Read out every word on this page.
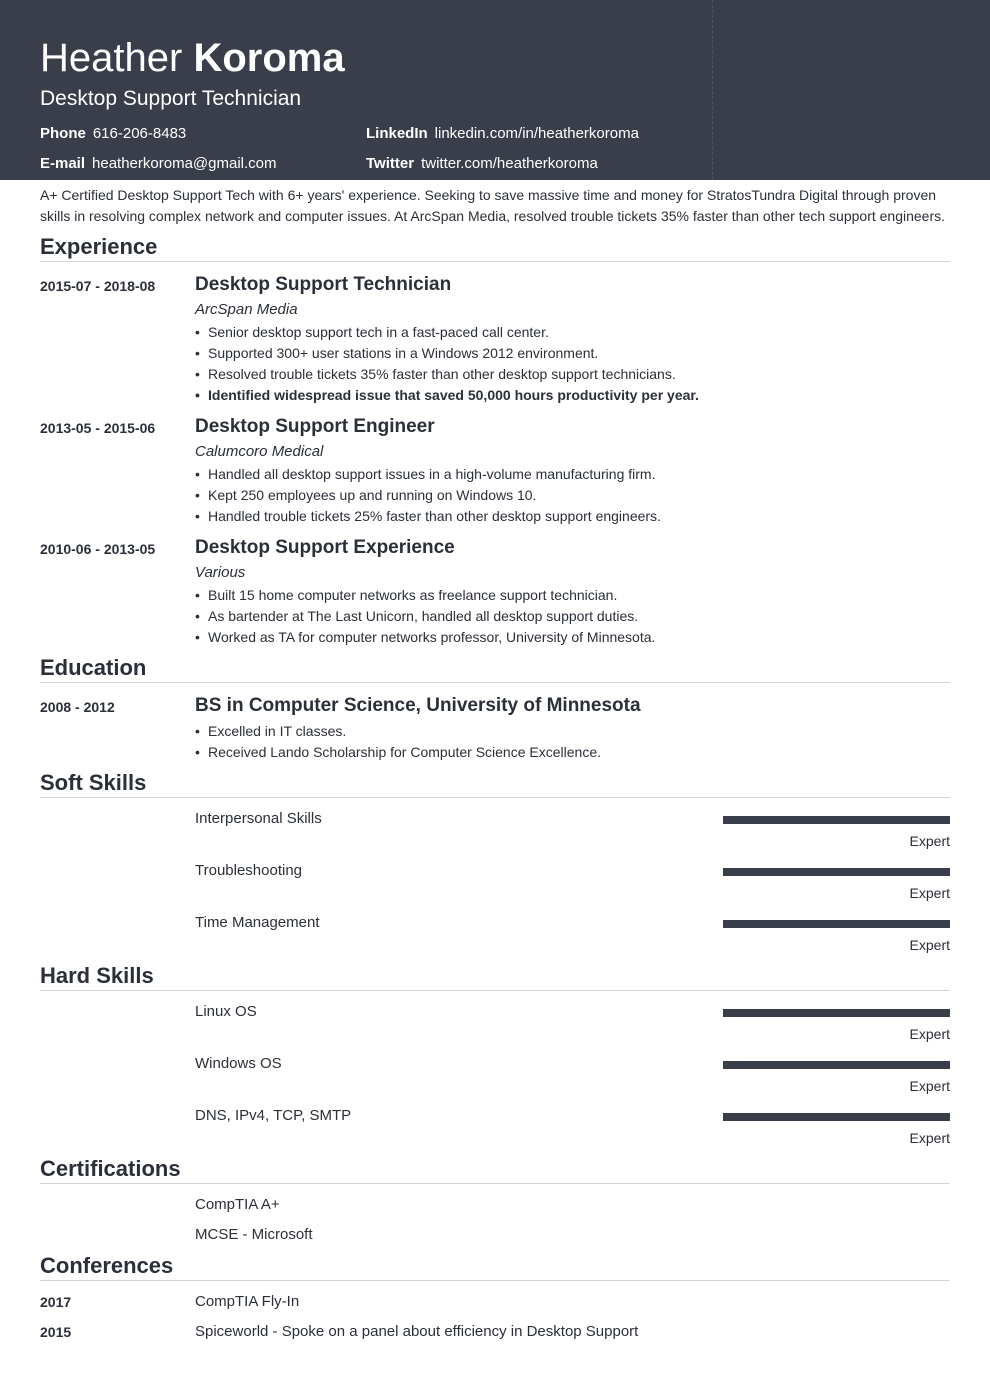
Heather Koroma
Desktop Support Technician
Phone 616-206-8483
E-mail heatherkoroma@gmail.com
LinkedIn linkedin.com/in/heatherkoroma
Twitter twitter.com/heatherkoroma
A+ Certified Desktop Support Tech with 6+ years' experience. Seeking to save massive time and money for StratosTundra Digital through proven skills in resolving complex network and computer issues. At ArcSpan Media, resolved trouble tickets 35% faster than other tech support engineers.
Experience
2015-07 - 2018-08 Desktop Support Technician
ArcSpan Media
• Senior desktop support tech in a fast-paced call center.
• Supported 300+ user stations in a Windows 2012 environment.
• Resolved trouble tickets 35% faster than other desktop support technicians.
• Identified widespread issue that saved 50,000 hours productivity per year.
2013-05 - 2015-06 Desktop Support Engineer
Calumcoro Medical
• Handled all desktop support issues in a high-volume manufacturing firm.
• Kept 250 employees up and running on Windows 10.
• Handled trouble tickets 25% faster than other desktop support engineers.
2010-06 - 2013-05 Desktop Support Experience
Various
• Built 15 home computer networks as freelance support technician.
• As bartender at The Last Unicorn, handled all desktop support duties.
• Worked as TA for computer networks professor, University of Minnesota.
Education
2008 - 2012	BS in Computer Science, University of Minnesota
• Excelled in IT classes.
• Received Lando Scholarship for Computer Science Excellence.
Soft Skills
Interpersonal Skills
Expert
Troubleshooting
Expert
Time Management
Expert
Hard Skills
Linux OS
Expert
Windows OS
Expert
DNS, IPv4, TCP, SMTP
Expert
Certifications
CompTIA A+
MCSE - Microsoft
Conferences
2017	CompTIA Fly-In
2015	Spiceworld - Spoke on a panel about efficiency in Desktop Support
